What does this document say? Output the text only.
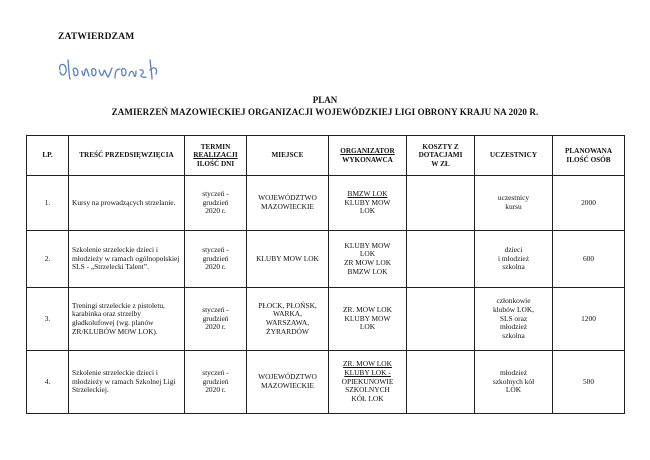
ZATWIERDZAM
PLAN
ZAMIERZEŃ MAZOWIECKIEJ ORGANIZACJI WOJEWÓDZKIEJ LIGI OBRONY KRAJU NA 2020 R.
LP.	TREŚĆ PRZEDSIĘWZIĘCIA	TERMIN
REALIZACJI
ILOŚĆ DNI	MIEJSCE	ORGANIZATOR
WYKONAWCA	KOSZTY Z
DOTACJAMI
W ZŁ	UCZESTNICY	PLANOWANA
ILOŚĆ OSÓB

1.	Kursy na prowadzących strzelanie.	styczeń -
grudzień
2020 r.	WOJEWÓDZTWO
MAZOWIECKIE	BMZW LOK
KLUBY MOW
LOK		uczestnicy
kursu	2000
2.	Szkolenie strzeleckie dzieci i młodzieży w ramach ogólnopolskiej SLS - „Strzelecki Talent”.	styczeń -
grudzień
2020 r.	KLUBY MOW LOK	KLUBY MOW
LOK
ZR MOW LOK
BMZW LOK		dzieci
i młodzież
szkolna	600
3.	Treningi strzeleckie z pistoletu, karabinka oraz strzelby gładkolufowej (wg. planów ZR/KLUBÓW MOW LOK).	styczeń -
grudzień
2020 r.	PŁOCK, PŁOŃSK,
WARKA,
WARSZAWA,
ŻYRARDÓW	ZR. MOW LOK
KLUBY MOW
LOK		członkowie
klubów LOK,
SLS oraz
młodzież
szkolna	1200
4.	Szkolenie strzeleckie dzieci i młodzieży w ramach Szkolnej Ligi Strzeleckiej.	styczeń -
grudzień
2020 r.	WOJEWÓDZTWO
MAZOWIECKIE	ZR. MOW LOK
KLUBY LOK -
OPIEKUNOWIE
SZKOLNYCH
KÓŁ LOK		młodzież
szkolnych kół
LOK	500
